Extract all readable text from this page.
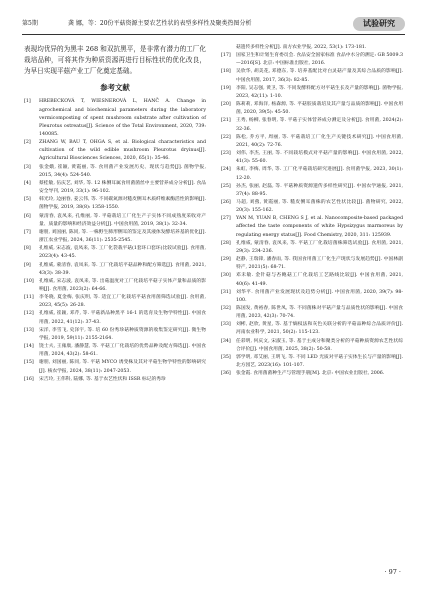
第5期	龚 娜，等：20份平菇资源主要农艺性状的表型多样性及聚类热图分析	试验研究

表现均优异的为黑丰 268 和双抗黑平，是非常有潜力的工厂化栽培品种，可将其作为种质资源再进行目标性状的优化改良，为早日实现平菇产业工厂化奠定基础。

参考文献
[1]	HREBECKOVÁ T, WIESNEROVÁ L, HANČ A. Change in agrochemical and biochemical parameters during the laboratory vermicomposting of spent mushroom substrate after cultivation of Pleurotus ostreatus[J]. Science of the Total Environment, 2020, 739: 140085.
[2]	ZHANG W, BAU T, OHGA S, et al. Biological characteristics and cultivation of the wild edible mushroom Pleurotus dryinus[J]. Agricultural Biosciences Sciences, 2020, 65(1): 35-46.
[3]	张金娥, 崔颖, 黄霞丽, 等. 食用菌产业发展历史、现状与趋势[J]. 菌物学报, 2015, 34(4): 524-540.
[4]	蔡桂敏, 伍庆艺, 刘华, 等. 12 株侧耳属食用菌菌丝中主要营养成分分析[J]. 食品安全导刊, 2019, 33(1): 96-102.
[5]	韩光玲, 边丽春, 姜云伟, 等. 不同碳氮源对糙皮侧耳木质纤维素酶活性的影响[J]. 菌物学报, 2019, 38(8): 1358-1550.
[6]	蒙清春, 袁凤来, 孔维丽, 等. 平菇栽培工厂化生产子实体不同成熟度采收对产量、质量的影响和经济效益分析[J]. 中国食用菌, 2019, 38(1): 32-34.
[7]	谢朋, 刘国丽, 陈同, 等. 一株野生肺形侧耳的鉴定及其液体发酵培养基的优化[J]. 浙江农业学报, 2024, 36(11): 2535-2545.
[8]	孔维威, 宋志波, 袁凤来, 等. 工厂化袋栽平菇(1套环口套环)比较试验[J]. 食用菌, 2023(4): 43-45.
[9]	孔维威, 蒙清春, 袁凤来, 等. 工厂化栽培平菇品种和配方筛选[J]. 食用菌, 2021, 43(3): 38-39.
[10]	孔维威, 宋志波, 袁凤来, 等. 出菇温度对工厂化栽培平菇子实体产量和品质的影响[J]. 食用菌, 2023(2): 64-66.
[11]	李冬晓, 夏金梅, 张庆明, 等. 适宜工厂化栽培平菇食用菌筛选试验[J]. 食用菌, 2023, 45(5): 26-28.
[12]	孔维威, 崔颖, 邓芹, 等. 平菇新品种黑平 16-1 的选育及生物学特性[J]. 中国食用菌, 2022, 41(12): 37-43.
[13]	宋洋, 李雪飞, 史泽宇, 等. 培 60 份秀珍菇种质资源的收集鉴定研究[J]. 微生物学报, 2019, 59(11): 2155-2164.
[14]	饶士夫, 王雍康, 潘静慧, 等. 平菇工厂化栽培的优势品种及配方筛选[J]. 中国食用菌, 2024, 43(2): 58-61.
[15]	谢朋, 刘国丽, 陈同, 等. 平菇 MYCO 诱变株及其对平菇生物学特性的影响研究[J]. 核农学报, 2024, 38(11): 2047-2053.
[16]	宋吉玲, 王伟科, 陆娜, 等. 基于农艺性状和 ISSR 标记的秀珍
菇遗传多样性分析[J]. 南方农业学报, 2022, 53(1): 173-181.
[17]	国家卫生和计划生育委员会. 食品安全国家标准 食品中水分的测定: GB 5009.3—2016[S]. 北京: 中国标准出版社, 2016.
[18]	吴欣华, 胡美花, 邓德东, 等. 培养基配比对白灵菇产量及其综合品质的影响[J]. 中国食用菌, 2017, 36(3): 82-85.
[19]	李阳, 吴志强, 黄卫, 等. 不同发酵料配方对平菇生长及产量的影响[J]. 菌物学报, 2023, 42(11): 1-10.
[20]	陈莉莉, 邓海洋, 杨森源, 等. 平菇胶质栽培及其产量与品质的影响[J]. 中国食用菌, 2020, 39(5): 45-50.
[21]	王秀, 杨柳, 张春明, 等. 平菇子实体营养成分测定及分析[J]. 食用菌, 2024(2): 32-36.
[22]	陈松, 乔方平, 周丽, 等. 平菇栽培工厂化生产关键技术研究[J]. 中国食用菌, 2021, 40(2): 72-76.
[23]	刘伟, 李杰, 王丽, 等. 不同栽培模式对平菇产量的影响[J]. 中国食用菌, 2022, 41(3): 55-60.
[24]	朱虹, 李梅, 周华, 等. 工厂化平菇栽培研究进展[J]. 食用菌学报, 2023, 30(1): 12-20.
[25]	孙杰, 张丽, 赵磊, 等. 平菇种质资源遗传多样性研究[J]. 中国农学通报, 2021, 37(4): 88-95.
[26]	马超, 刘燕, 黄霞丽, 等. 糙皮侧耳菌株的农艺性状比较[J]. 菌物研究, 2022, 20(3): 155-162.
[27]	YAN M, YUAN B, CHENG S J, et al. Nanocomposite-based packaged affected the taste components of white Hypsizygus marmoreus by regulating energy status[J]. Food Chemistry, 2020, 311: 125939.
[28]	孔维威, 蒙清春, 袁凤来, 等. 平菇工厂化栽培菌株筛选试验[J]. 食用菌, 2021, 29(3): 234-236.
[29]	赵静, 王瑞锋, 潘春雨, 等. 我国食用菌工厂化生产现状与发展趋势[J]. 中国林副特产, 2021(5): 68-71.
[30]	邓未敏. 金针菇与杏鲍菇工厂化栽培工艺路线比较[J]. 中国食用菌, 2021, 40(6): 41-49.
[31]	刘华平. 食用菌产业发展现状及趋势分析[J]. 中国食用菌, 2020, 39(7): 98-100.
[32]	陈国发, 黄裕春, 陈世凤, 等. 不同菌株对平菇产量与品质性状的影响[J]. 中国食用菌, 2023, 42(3): 70-74.
[33]	刘彬, 赵欣, 黄星, 等. 基于熵权法和灰色关联分析的平菇品种综合品质评价[J]. 河南农业科学, 2021, 50(2): 115-123.
[34]	任彩明, 何庆文, 宋淑玉, 等. 基于主成分和聚类分析的平菇种质资源农艺性状综合评价[J]. 中国食用菌, 2025, 38(2): 50-58.
[35]	郭学明, 邓艾丽, 王明飞, 等. 不同 LED 光质对平菇子实体生长与产量的影响[J]. 北方园艺, 2023(16): 101-107.
[36]	张金霞. 食用菌菌种生产与管理手册[M]. 北京: 中国农业出版社, 2006.
· 97 ·
